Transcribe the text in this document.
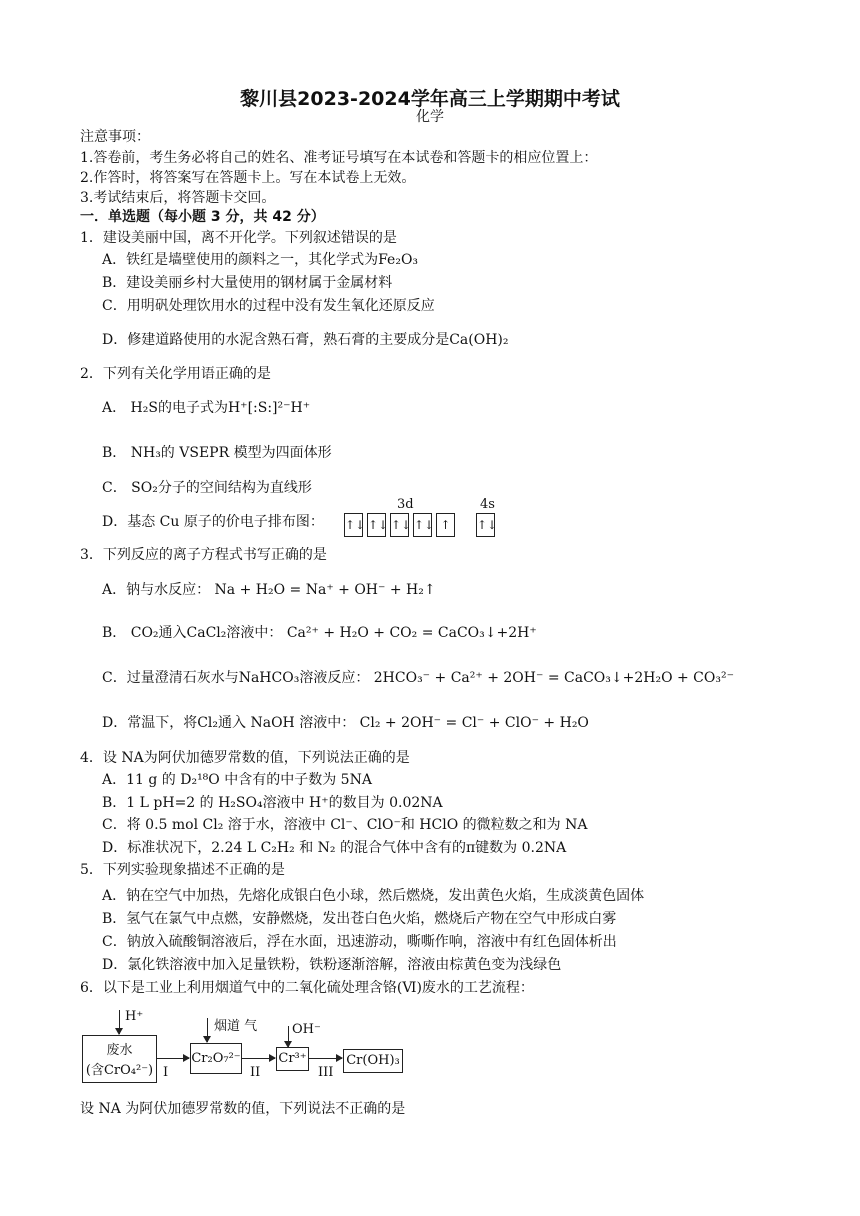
黎川县2023-2024学年高三上学期期中考试
化学
注意事项：
1.答卷前，考生务必将自己的姓名、准考证号填写在本试卷和答题卡的相应位置上：
2.作答时，将答案写在答题卡上。写在本试卷上无效。
3.考试结束后，将答题卡交回。
一．单选题（每小题 3 分，共 42 分）
1．建设美丽中国，离不开化学。下列叙述错误的是
A．铁红是墙壁使用的颜料之一，其化学式为Fe₂O₃
B．建设美丽乡村大量使用的钢材属于金属材料
C．用明矾处理饮用水的过程中没有发生氧化还原反应
D．修建道路使用的水泥含熟石膏，熟石膏的主要成分是Ca(OH)₂
2．下列有关化学用语正确的是
A． H₂S的电子式为H⁺[:S:]²⁻H⁺
B． NH₃的 VSEPR 模型为四面体形
C． SO₂分子的空间结构为直线形
D．基态 Cu 原子的价电子排布图：
3d	4s
↑↓ ↑↓ ↑↓ ↑↓ ↑	↑↓
3．下列反应的离子方程式书写正确的是
A．钠与水反应： Na + H₂O = Na⁺ + OH⁻ + H₂↑
B． CO₂通入CaCl₂溶液中： Ca²⁺ + H₂O + CO₂ = CaCO₃↓+2H⁺
C．过量澄清石灰水与NaHCO₃溶液反应： 2HCO₃⁻ + Ca²⁺ + 2OH⁻ = CaCO₃↓+2H₂O + CO₃²⁻
D．常温下，将Cl₂通入 NaOH 溶液中： Cl₂ + 2OH⁻ = Cl⁻ + ClO⁻ + H₂O
4．设 NA为阿伏加德罗常数的值，下列说法正确的是
A．11 g 的 D₂¹⁸O 中含有的中子数为 5NA
B．1 L pH=2 的 H₂SO₄溶液中 H⁺的数目为 0.02NA
C．将 0.5 mol Cl₂ 溶于水，溶液中 Cl⁻、ClO⁻和 HClO 的微粒数之和为 NA
D．标准状况下，2.24 L C₂H₂ 和 N₂ 的混合气体中含有的π键数为 0.2NA
5．下列实验现象描述不正确的是
A．钠在空气中加热，先熔化成银白色小球，然后燃烧，发出黄色火焰，生成淡黄色固体
B．氢气在氯气中点燃，安静燃烧，发出苍白色火焰，燃烧后产物在空气中形成白雾
C．钠放入硫酸铜溶液后，浮在水面，迅速游动，嘶嘶作响，溶液中有红色固体析出
D．氯化铁溶液中加入足量铁粉，铁粉逐渐溶解，溶液由棕黄色变为浅绿色
6．以下是工业上利用烟道气中的二氧化硫处理含铬(Ⅵ)废水的工艺流程：
H⁺
废水
(含CrO₄²⁻) I
烟道 气
Cr₂O₇²⁻
II
OH⁻
Cr³⁺
III
Cr(OH)₃
设 NA 为阿伏加德罗常数的值，下列说法不正确的是
